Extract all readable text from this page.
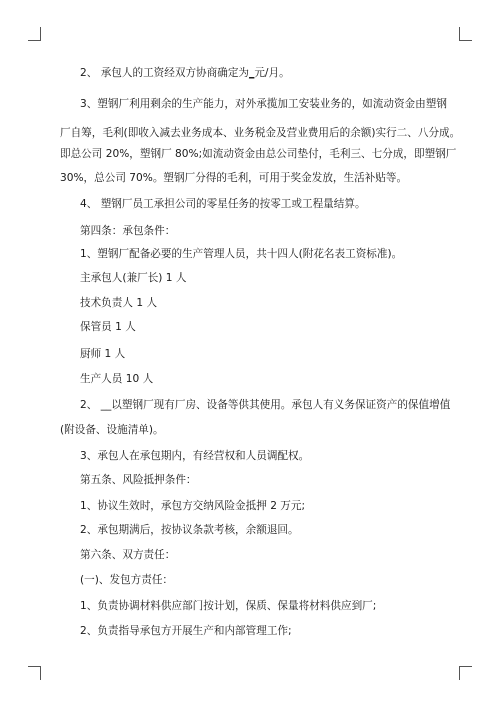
2、 承包人的工资经双方协商确定为_元/月。
3、塑钢厂利用剩余的生产能力，对外承揽加工安装业务的，如流动资金由塑钢
厂自筹，毛利(即收入减去业务成本、业务税金及营业费用后的余额)实行二、八分成。
即总公司 20%，塑钢厂 80%;如流动资金由总公司垫付，毛利三、七分成，即塑钢厂
30%，总公司 70%。塑钢厂分得的毛利，可用于奖金发放，生活补贴等。
4、 塑钢厂员工承担公司的零星任务的按零工或工程量结算。
第四条：承包条件：
1、塑钢厂配备必要的生产管理人员，共十四人(附花名表工资标准)。
主承包人(兼厂长) 1 人
技术负责人 1 人
保管员 1 人
厨师 1 人
生产人员 10 人
2、 __以塑钢厂现有厂房、设备等供其使用。承包人有义务保证资产的保值增值
(附设备、设施清单)。
3、承包人在承包期内，有经营权和人员调配权。
第五条、风险抵押条件：
1、协议生效时，承包方交纳风险金抵押 2 万元;
2、承包期满后，按协议条款考核，余额退回。
第六条、双方责任：
(一)、发包方责任：
1、负责协调材料供应部门按计划，保质、保量将材料供应到厂;
2、负责指导承包方开展生产和内部管理工作;
